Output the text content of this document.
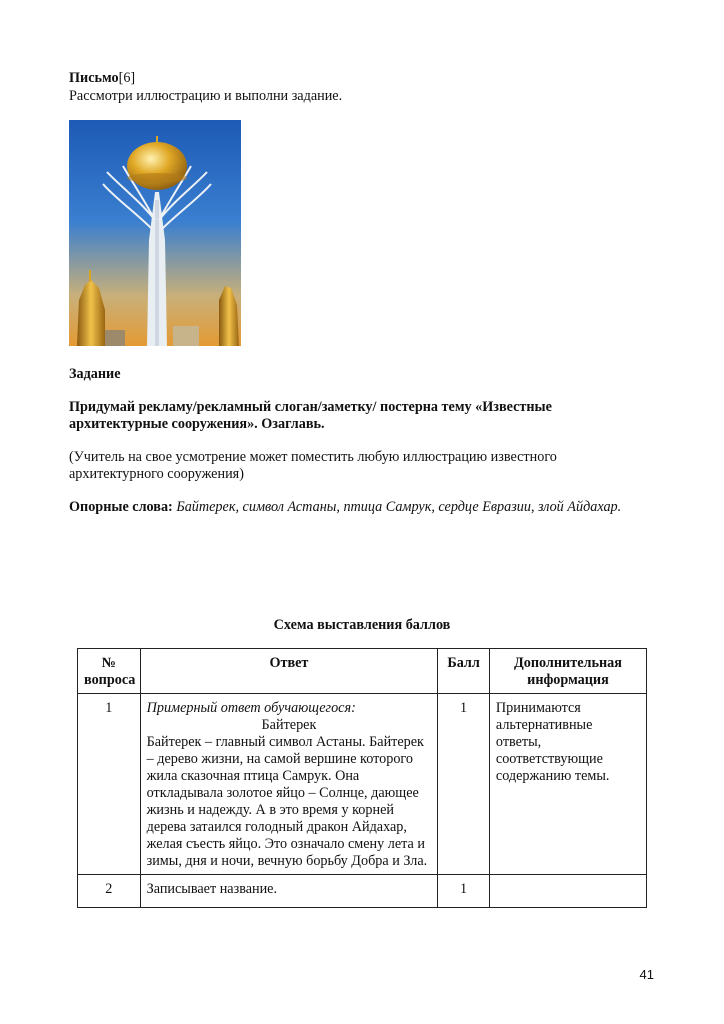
Письмо[6]
Рассмотри иллюстрацию и выполни задание.
Задание
Придумай рекламу/рекламный слоган/заметку/ постерна тему «Известные архитектурные сооружения». Озаглавь.
(Учитель на свое усмотрение может поместить любую иллюстрацию известного архитектурного сооружения)
Опорные слова: Байтерек, символ Астаны, птица Самрук, сердце Евразии, злой Айдахар.
Схема выставления баллов
№ вопроса	Ответ	Балл	Дополнительная информация
1	Примерный ответ обучающегося:

Байтерек

Байтерек – главный символ Астаны. Байтерек – дерево жизни, на самой вершине которого жила сказочная птица Самрук. Она откладывала золотое яйцо – Солнце, дающее жизнь и надежду. А в это время у корней дерева затаился голодный дракон Айдахар, желая съесть яйцо. Это означало смену лета и зимы, дня и ночи, вечную борьбу Добра и Зла.	1	Принимаются альтернативные ответы, соответствующие содержанию темы.
2	Записывает название.	1	
41
